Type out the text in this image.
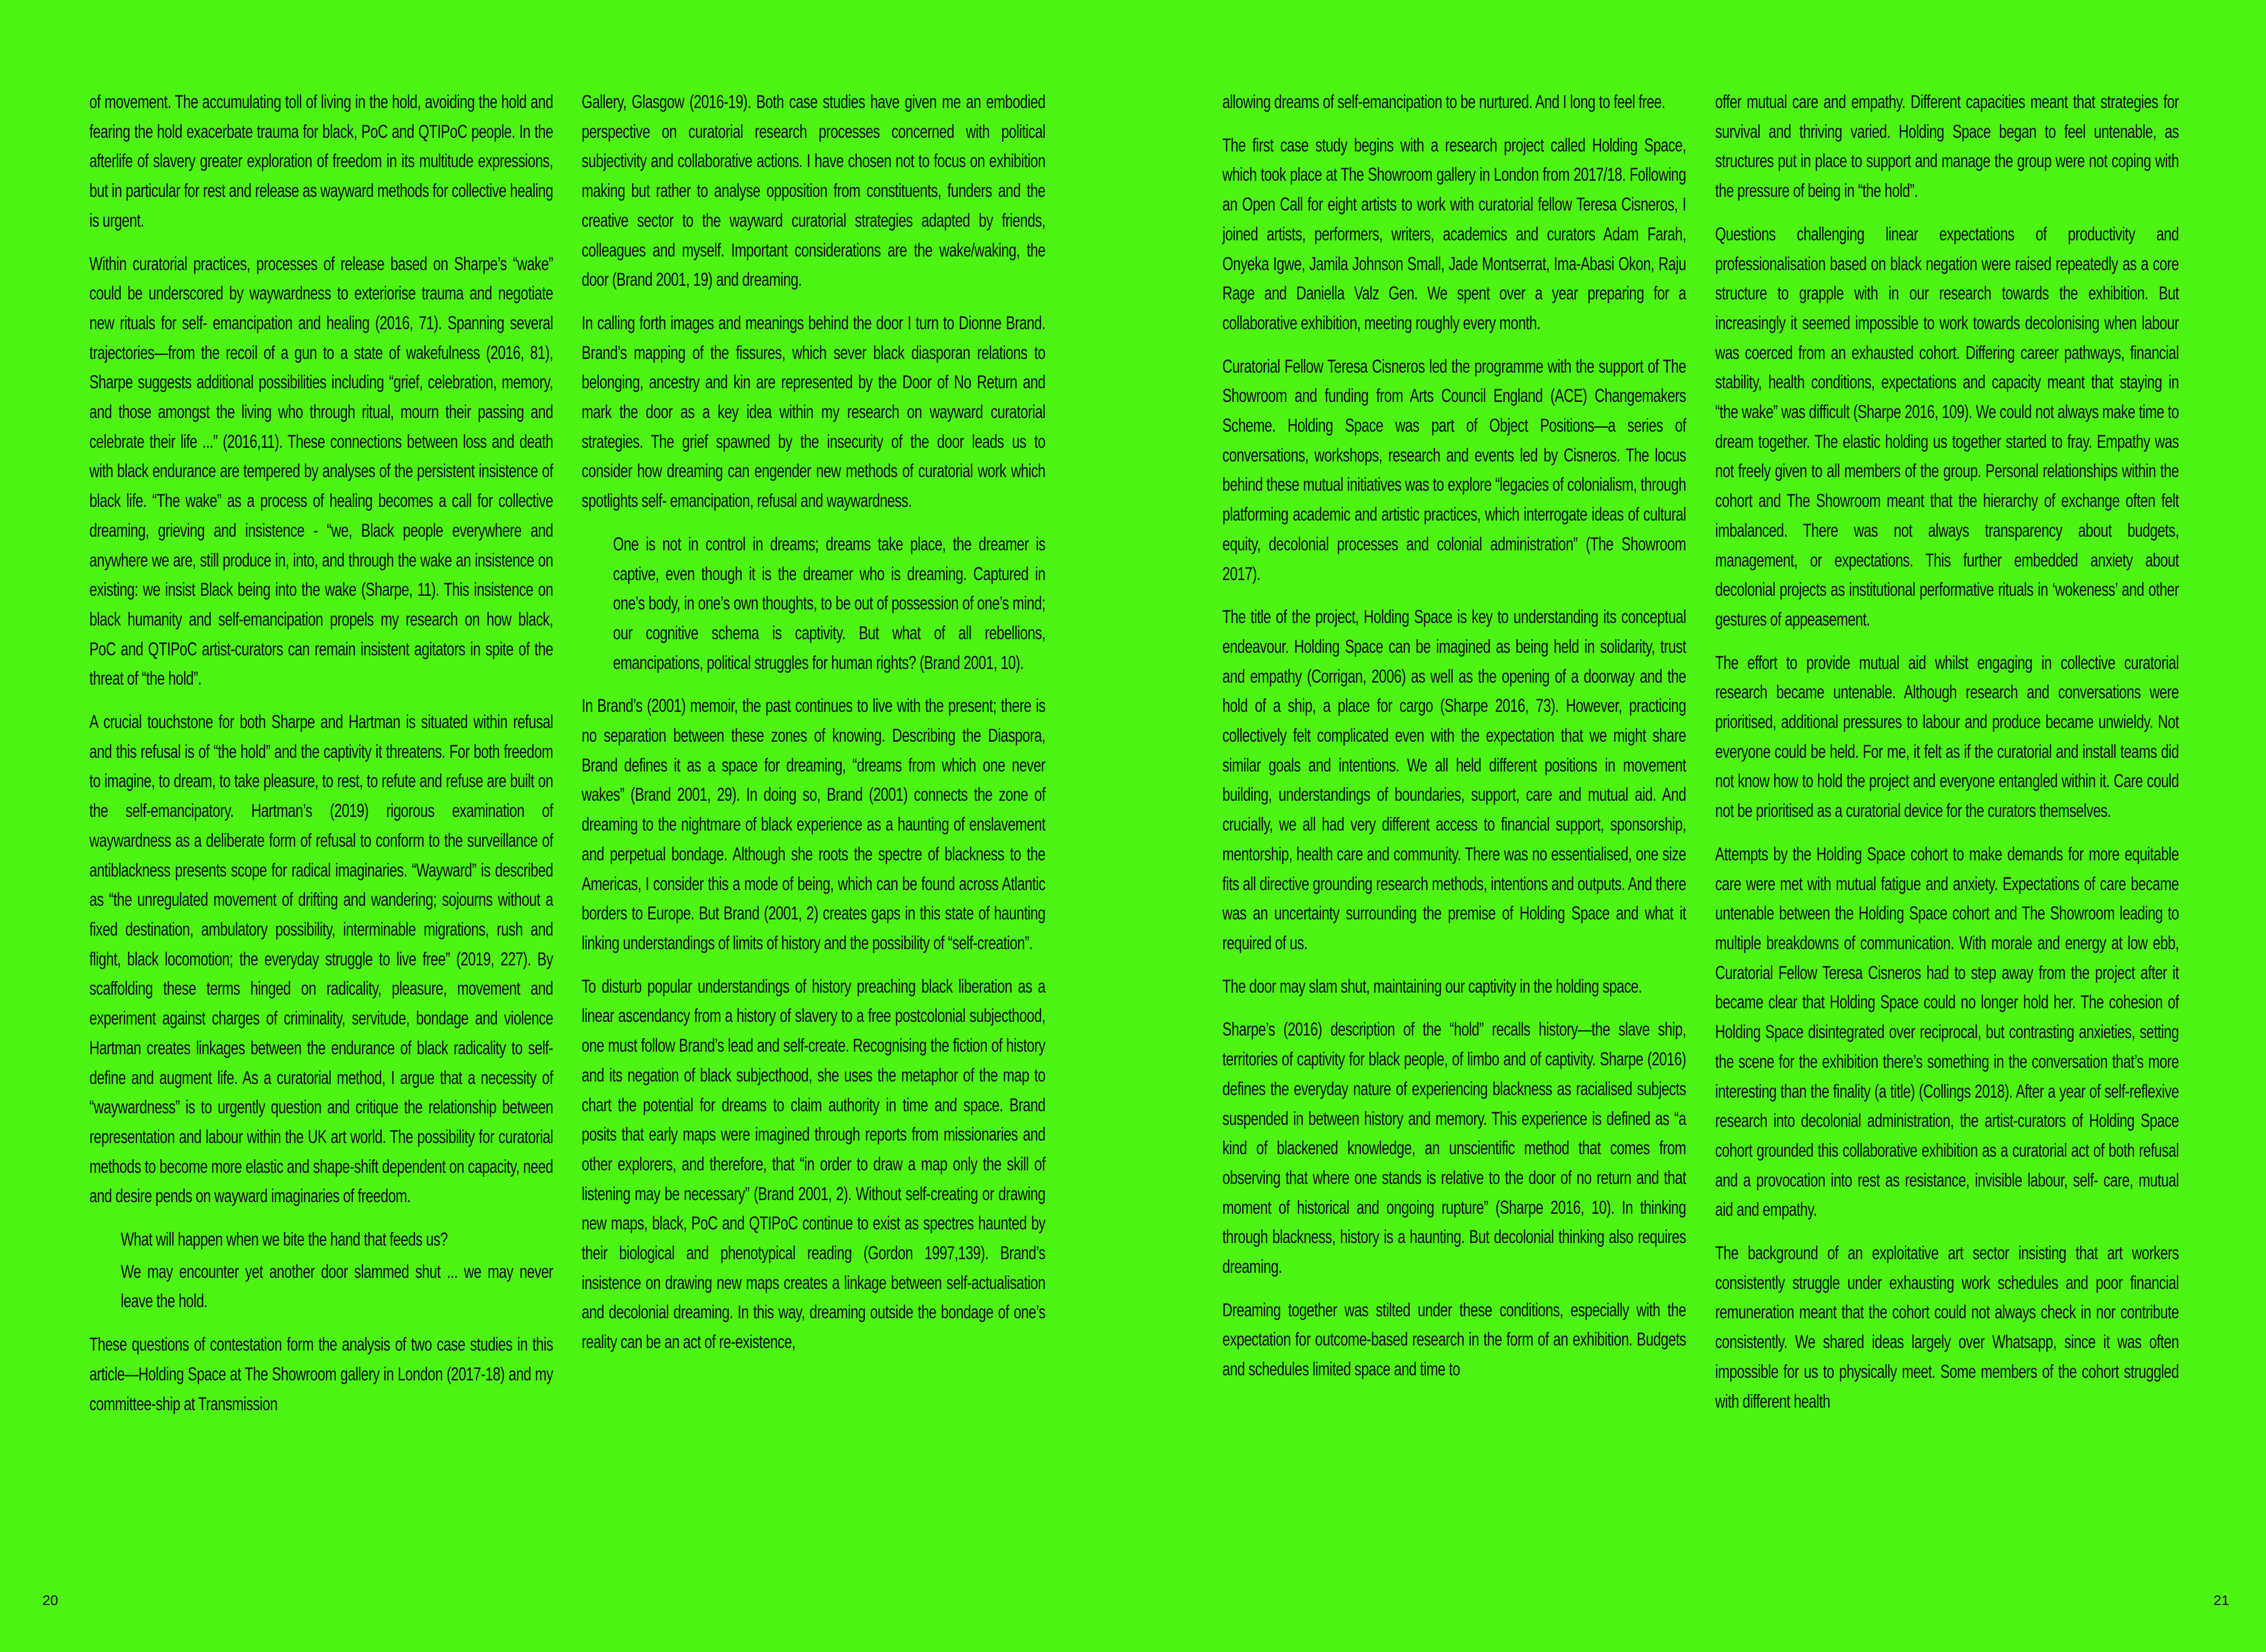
of movement. The accumulating toll of living in the hold, avoiding the hold and fearing the hold exacerbate trauma for black, PoC and QTIPoC people. In the afterlife of slavery greater exploration of freedom in its multitude expressions, but in particular for rest and release as wayward methods for collective healing is urgent.

Within curatorial practices, processes of release based on Sharpe’s “wake” could be underscored by waywardness to exteriorise trauma and negotiate new rituals for self- emancipation and healing (2016, 71). Spanning several trajectories—from the recoil of a gun to a state of wakefulness (2016, 81), Sharpe suggests additional possibilities including “grief, celebration, memory, and those amongst the living who through ritual, mourn their passing and celebrate their life ...” (2016,11). These connections between loss and death with black endurance are tempered by analyses of the persistent insistence of black life. “The wake” as a process of healing becomes a call for collective dreaming, grieving and insistence - “we, Black people everywhere and anywhere we are, still produce in, into, and through the wake an insistence on existing: we insist Black being into the wake (Sharpe, 11). This insistence on black humanity and self-emancipation propels my research on how black, PoC and QTIPoC artist-curators can remain insistent agitators in spite of the threat of “the hold”.

A crucial touchstone for both Sharpe and Hartman is situated within refusal and this refusal is of “the hold” and the captivity it threatens. For both freedom to imagine, to dream, to take pleasure, to rest, to refute and refuse are built on the self-emancipatory. Hartman’s (2019) rigorous examination of waywardness as a deliberate form of refusal to conform to the surveillance of antiblackness presents scope for radical imaginaries. “Wayward” is described as “the unregulated movement of drifting and wandering; sojourns without a fixed destination, ambulatory possibility, interminable migrations, rush and flight, black locomotion; the everyday struggle to live free” (2019, 227). By scaffolding these terms hinged on radicality, pleasure, movement and experiment against charges of criminality, servitude, bondage and violence Hartman creates linkages between the endurance of black radicality to self-define and augment life. As a curatorial method, I argue that a necessity of “waywardness” is to urgently question and critique the relationship between representation and labour within the UK art world. The possibility for curatorial methods to become more elastic and shape-shift dependent on capacity, need and desire pends on wayward imaginaries of freedom.

What will happen when we bite the hand that feeds us?

We may encounter yet another door slammed shut ... we may never leave the hold.

These questions of contestation form the analysis of two case studies in this article—Holding Space at The Showroom gallery in London (2017-18) and my committee-ship at Transmission

Gallery, Glasgow (2016-19). Both case studies have given me an embodied perspective on curatorial research processes concerned with political subjectivity and collaborative actions. I have chosen not to focus on exhibition making but rather to analyse opposition from constituents, funders and the creative sector to the wayward curatorial strategies adapted by friends, colleagues and myself. Important considerations are the wake/waking, the door (Brand 2001, 19) and dreaming.

In calling forth images and meanings behind the door I turn to Dionne Brand. Brand’s mapping of the fissures, which sever black diasporan relations to belonging, ancestry and kin are represented by the Door of No Return and mark the door as a key idea within my research on wayward curatorial strategies. The grief spawned by the insecurity of the door leads us to consider how dreaming can engender new methods of curatorial work which spotlights self- emancipation, refusal and waywardness.

One is not in control in dreams; dreams take place, the dreamer is captive, even though it is the dreamer who is dreaming. Captured in one’s body, in one’s own thoughts, to be out of possession of one’s mind; our cognitive schema is captivity. But what of all rebellions, emancipations, political struggles for human rights? (Brand 2001, 10).

In Brand’s (2001) memoir, the past continues to live with the present; there is no separation between these zones of knowing. Describing the Diaspora, Brand defines it as a space for dreaming, “dreams from which one never wakes” (Brand 2001, 29). In doing so, Brand (2001) connects the zone of dreaming to the nightmare of black experience as a haunting of enslavement and perpetual bondage. Although she roots the spectre of blackness to the Americas, I consider this a mode of being, which can be found across Atlantic borders to Europe. But Brand (2001, 2) creates gaps in this state of haunting linking understandings of limits of history and the possibility of “self-creation”.

To disturb popular understandings of history preaching black liberation as a linear ascendancy from a history of slavery to a free postcolonial subjecthood, one must follow Brand’s lead and self-create. Recognising the fiction of history and its negation of black subjecthood, she uses the metaphor of the map to chart the potential for dreams to claim authority in time and space. Brand posits that early maps were imagined through reports from missionaries and other explorers, and therefore, that “in order to draw a map only the skill of listening may be necessary” (Brand 2001, 2). Without self-creating or drawing new maps, black, PoC and QTIPoC continue to exist as spectres haunted by their biological and phenotypical reading (Gordon 1997,139). Brand’s insistence on drawing new maps creates a linkage between self-actualisation and decolonial dreaming. In this way, dreaming outside the bondage of one’s reality can be an act of re-existence,

allowing dreams of self-emancipation to be nurtured. And I long to feel free.

The first case study begins with a research project called Holding Space, which took place at The Showroom gallery in London from 2017/18. Following an Open Call for eight artists to work with curatorial fellow Teresa Cisneros, I joined artists, performers, writers, academics and curators Adam Farah, Onyeka Igwe, Jamila Johnson Small, Jade Montserrat, Ima-Abasi Okon, Raju Rage and Daniella Valz Gen. We spent over a year preparing for a collaborative exhibition, meeting roughly every month.

Curatorial Fellow Teresa Cisneros led the programme with the support of The Showroom and funding from Arts Council England (ACE) Changemakers Scheme. Holding Space was part of Object Positions—a series of conversations, workshops, research and events led by Cisneros. The locus behind these mutual initiatives was to explore “legacies of colonialism, through platforming academic and artistic practices, which interrogate ideas of cultural equity, decolonial processes and colonial administration” (The Showroom 2017).

The title of the project, Holding Space is key to understanding its conceptual endeavour. Holding Space can be imagined as being held in solidarity, trust and empathy (Corrigan, 2006) as well as the opening of a doorway and the hold of a ship, a place for cargo (Sharpe 2016, 73). However, practicing collectively felt complicated even with the expectation that we might share similar goals and intentions. We all held different positions in movement building, understandings of boundaries, support, care and mutual aid. And crucially, we all had very different access to financial support, sponsorship, mentorship, health care and community. There was no essentialised, one size fits all directive grounding research methods, intentions and outputs. And there was an uncertainty surrounding the premise of Holding Space and what it required of us.

The door may slam shut, maintaining our captivity in the holding space.

Sharpe’s (2016) description of the “hold” recalls history—the slave ship, territories of captivity for black people, of limbo and of captivity. Sharpe (2016) defines the everyday nature of experiencing blackness as racialised subjects suspended in between history and memory. This experience is defined as “a kind of blackened knowledge, an unscientific method that comes from observing that where one stands is relative to the door of no return and that moment of historical and ongoing rupture” (Sharpe 2016, 10). In thinking through blackness, history is a haunting. But decolonial thinking also requires dreaming.

Dreaming together was stilted under these conditions, especially with the expectation for outcome-based research in the form of an exhibition. Budgets and schedules limited space and time to

offer mutual care and empathy. Different capacities meant that strategies for survival and thriving varied. Holding Space began to feel untenable, as structures put in place to support and manage the group were not coping with the pressure of being in “the hold”.

Questions challenging linear expectations of productivity and professionalisation based on black negation were raised repeatedly as a core structure to grapple with in our research towards the exhibition. But increasingly it seemed impossible to work towards decolonising when labour was coerced from an exhausted cohort. Differing career pathways, financial stability, health conditions, expectations and capacity meant that staying in “the wake” was difficult (Sharpe 2016, 109). We could not always make time to dream together. The elastic holding us together started to fray. Empathy was not freely given to all members of the group. Personal relationships within the cohort and The Showroom meant that the hierarchy of exchange often felt imbalanced. There was not always transparency about budgets, management, or expectations. This further embedded anxiety about decolonial projects as institutional performative rituals in ‘wokeness’ and other gestures of appeasement.

The effort to provide mutual aid whilst engaging in collective curatorial research became untenable. Although research and conversations were prioritised, additional pressures to labour and produce became unwieldy. Not everyone could be held. For me, it felt as if the curatorial and install teams did not know how to hold the project and everyone entangled within it. Care could not be prioritised as a curatorial device for the curators themselves.

Attempts by the Holding Space cohort to make demands for more equitable care were met with mutual fatigue and anxiety. Expectations of care became untenable between the Holding Space cohort and The Showroom leading to multiple breakdowns of communication. With morale and energy at low ebb, Curatorial Fellow Teresa Cisneros had to step away from the project after it became clear that Holding Space could no longer hold her. The cohesion of Holding Space disintegrated over reciprocal, but contrasting anxieties, setting the scene for the exhibition there’s something in the conversation that’s more interesting than the finality (a title) (Collings 2018). After a year of self-reflexive research into decolonial administration, the artist-curators of Holding Space cohort grounded this collaborative exhibition as a curatorial act of both refusal and a provocation into rest as resistance, invisible labour, self- care, mutual aid and empathy.

The background of an exploitative art sector insisting that art workers consistently struggle under exhausting work schedules and poor financial remuneration meant that the cohort could not always check in nor contribute consistently. We shared ideas largely over Whatsapp, since it was often impossible for us to physically meet. Some members of the cohort struggled with different health

20	21
